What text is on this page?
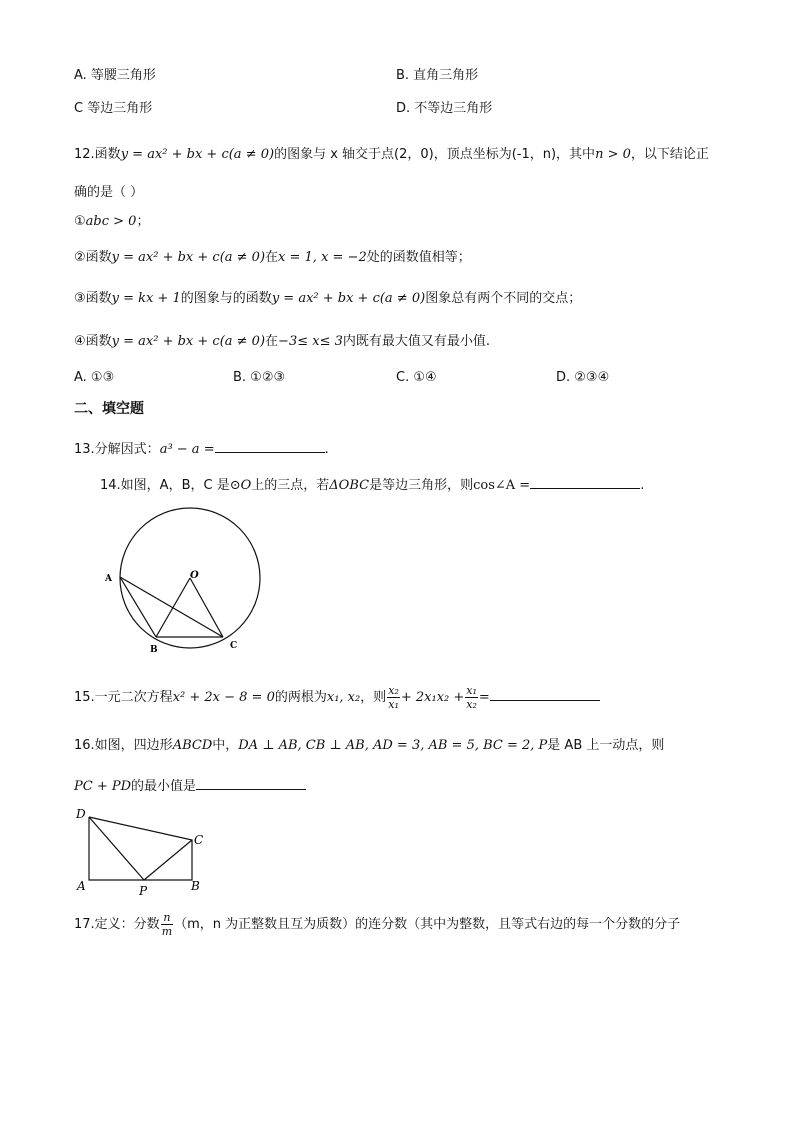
A. 等腰三角形	B. 直角三角形
C 等边三角形	D. 不等边三角形
12.函数y = ax² + bx + c(a ≠ 0)的图象与 x 轴交于点(2，0)，顶点坐标为(-1，n)，其中n > 0，以下结论正
确的是（ ）
①abc > 0；
②函数y = ax² + bx + c(a ≠ 0)在x = 1, x = −2处的函数值相等；
③函数y = kx + 1的图象与的函数y = ax² + bx + c(a ≠ 0)图象总有两个不同的交点；
④函数y = ax² + bx + c(a ≠ 0)在−3≤ x≤ 3内既有最大值又有最小值.
A. ①③	B. ①②③	C. ①④	D. ②③④
二、填空题
13.分解因式：a³ − a =	.
14.如图，A，B，C 是⊙O上的三点，若ΔOBC是等边三角形，则cos∠A =	.
A
B	C
O
15.一元二次方程x² + 2x − 8 = 0的两根为x₁, x₂，则 $\frac{\text{x₂}}{\text{x₁}} + 2x_1x_2 + \frac{\text{x₁}}{\text{x₂}}$ =
16.如图，四边形ABCD中，DA ⊥ AB, CB ⊥ AB, AD = 3, AB = 5, BC = 2, P是 AB 上一动点，则
PC + PD的最小值是
D
C
A	B
P
17.定义：分数 $\frac{n}{m} (m$，n 为正整数且互为质数）的连分数（其中为整数，且等式右边的每一个分数的分子
